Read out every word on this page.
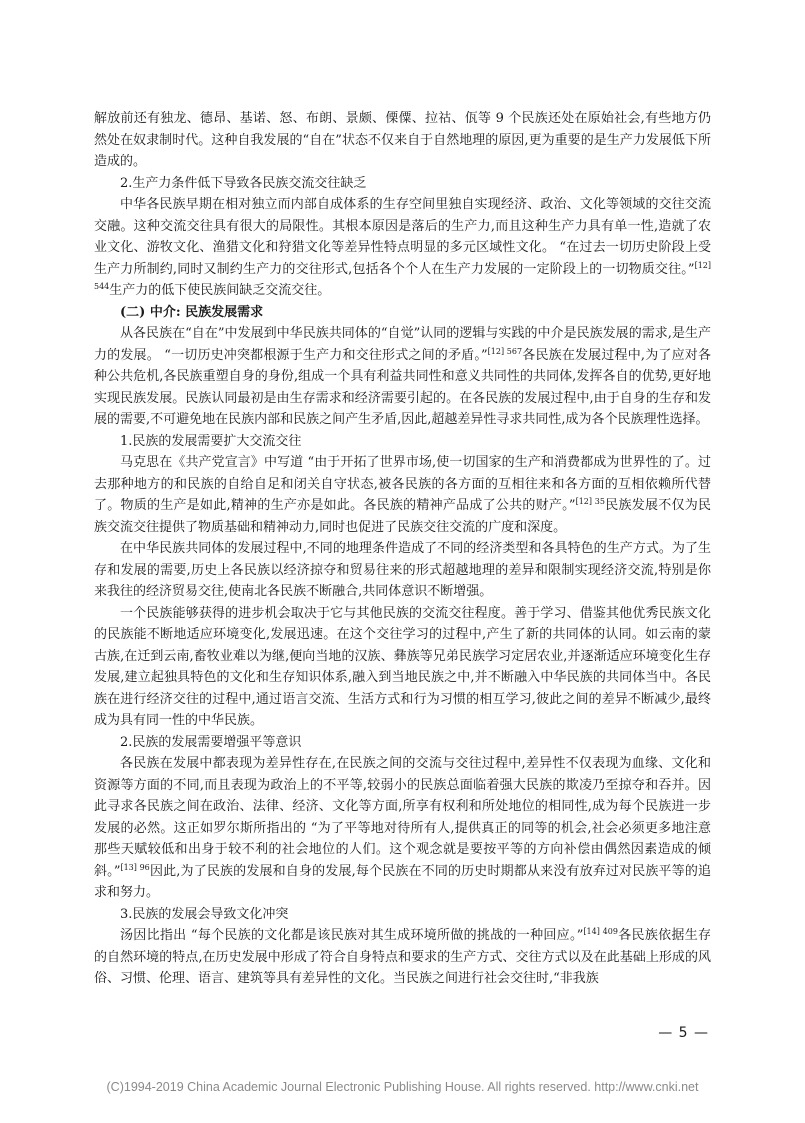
解放前还有独龙、德昂、基诺、怒、布朗、景颇、傈僳、拉祜、佤等 9 个民族还处在原始社会,有些地方仍然处在奴隶制时代。这种自我发展的“自在”状态不仅来自于自然地理的原因,更为重要的是生产力发展低下所造成的。

2.生产力条件低下导致各民族交流交往缺乏

中华各民族早期在相对独立而内部自成体系的生存空间里独自实现经济、政治、文化等领域的交往交流交融。这种交流交往具有很大的局限性。其根本原因是落后的生产力,而且这种生产力具有单一性,造就了农业文化、游牧文化、渔猎文化和狩猎文化等差异性特点明显的多元区域性文化。 “在过去一切历史阶段上受生产力所制约,同时又制约生产力的交往形式,包括各个个人在生产力发展的一定阶段上的一切物质交往。”$^{[12] 544}$生产力的低下使民族间缺乏交流交往。

(二) 中介: 民族发展需求

从各民族在“自在”中发展到中华民族共同体的“自觉”认同的逻辑与实践的中介是民族发展的需求,是生产力的发展。 “一切历史冲突都根源于生产力和交往形式之间的矛盾。”$^{[12] 567}$各民族在发展过程中,为了应对各种公共危机,各民族重塑自身的身份,组成一个具有利益共同性和意义共同性的共同体,发挥各自的优势,更好地实现民族发展。民族认同最初是由生存需求和经济需要引起的。在各民族的发展过程中,由于自身的生存和发展的需要,不可避免地在民族内部和民族之间产生矛盾,因此,超越差异性寻求共同性,成为各个民族理性选择。

1.民族的发展需要扩大交流交往

马克思在《共产党宣言》中写道 “由于开拓了世界市场,使一切国家的生产和消费都成为世界性的了。过去那种地方的和民族的自给自足和闭关自守状态,被各民族的各方面的互相往来和各方面的互相依赖所代替了。物质的生产是如此,精神的生产亦是如此。各民族的精神产品成了公共的财产。”$^{[12] 35}$民族发展不仅为民族交流交往提供了物质基础和精神动力,同时也促进了民族交往交流的广度和深度。

在中华民族共同体的发展过程中,不同的地理条件造成了不同的经济类型和各具特色的生产方式。为了生存和发展的需要,历史上各民族以经济掠夺和贸易往来的形式超越地理的差异和限制实现经济交流,特别是你来我往的经济贸易交往,使南北各民族不断融合,共同体意识不断增强。

一个民族能够获得的进步机会取决于它与其他民族的交流交往程度。善于学习、借鉴其他优秀民族文化的民族能不断地适应环境变化,发展迅速。在这个交往学习的过程中,产生了新的共同体的认同。如云南的蒙古族,在迁到云南,畜牧业难以为继,便向当地的汉族、彝族等兄弟民族学习定居农业,并逐渐适应环境变化生存发展,建立起独具特色的文化和生存知识体系,融入到当地民族之中,并不断融入中华民族的共同体当中。各民族在进行经济交往的过程中,通过语言交流、生活方式和行为习惯的相互学习,彼此之间的差异不断减少,最终成为具有同一性的中华民族。

2.民族的发展需要增强平等意识

各民族在发展中都表现为差异性存在,在民族之间的交流与交往过程中,差异性不仅表现为血缘、文化和资源等方面的不同,而且表现为政治上的不平等,较弱小的民族总面临着强大民族的欺凌乃至掠夺和吞并。因此寻求各民族之间在政治、法律、经济、文化等方面,所享有权利和所处地位的相同性,成为每个民族进一步发展的必然。这正如罗尔斯所指出的 “为了平等地对待所有人,提供真正的同等的机会,社会必须更多地注意那些天赋较低和出身于较不利的社会地位的人们。这个观念就是要按平等的方向补偿由偶然因素造成的倾斜。”$^{[13] 96}$因此,为了民族的发展和自身的发展,每个民族在不同的历史时期都从来没有放弃过对民族平等的追求和努力。

3.民族的发展会导致文化冲突

汤因比指出 “每个民族的文化都是该民族对其生成环境所做的挑战的一种回应。”$^{[14] 409}$各民族依据生存的自然环境的特点,在历史发展中形成了符合自身特点和要求的生产方式、交往方式以及在此基础上形成的风俗、习惯、伦理、语言、建筑等具有差异性的文化。当民族之间进行社会交往时,“非我族

— 5 —
(C)1994-2019 China Academic Journal Electronic Publishing House. All rights reserved. http://www.cnki.net
